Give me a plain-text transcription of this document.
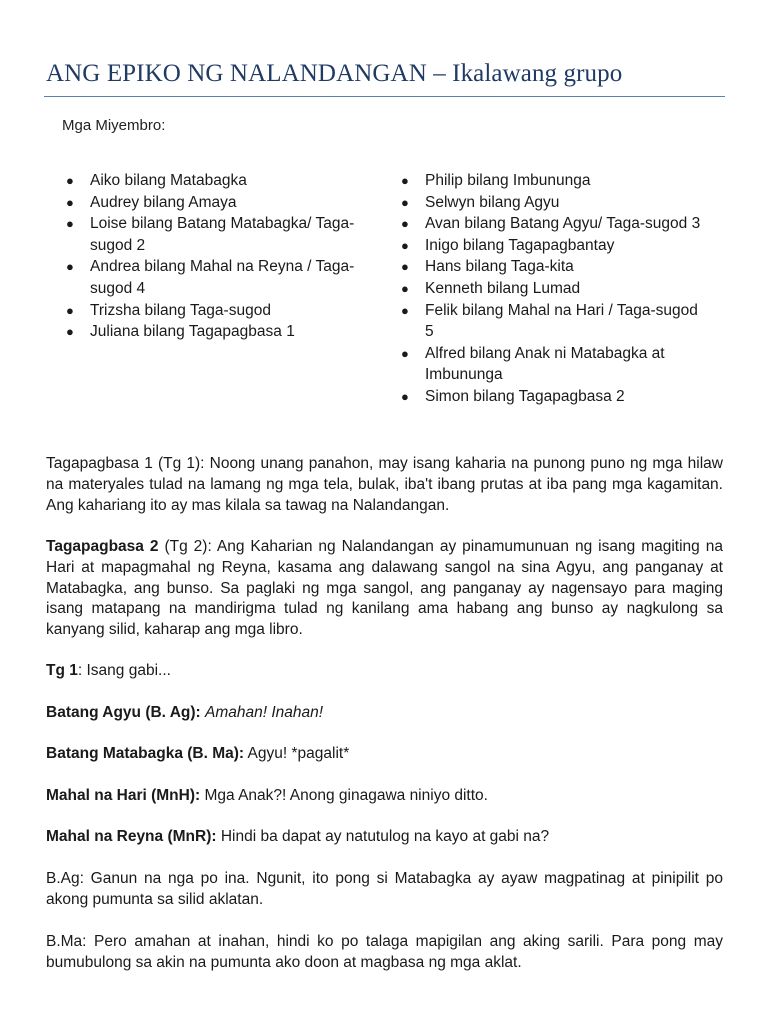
ANG EPIKO NG NALANDANGAN – Ikalawang grupo
Mga Miyembro:
● Aiko bilang Matabagka
● Audrey bilang Amaya
● Loise bilang Batang Matabagka/ Taga-sugod 2
● Andrea bilang Mahal na Reyna / Taga-sugod 4
● Trizsha bilang Taga-sugod
● Juliana bilang Tagapagbasa 1
● Philip bilang Imbununga
● Selwyn bilang Agyu
● Avan bilang Batang Agyu/ Taga-sugod 3
● Inigo bilang Tagapagbantay
● Hans bilang Taga-kita
● Kenneth bilang Lumad
● Felik bilang Mahal na Hari / Taga-sugod 5
● Alfred bilang Anak ni Matabagka at Imbununga
● Simon bilang Tagapagbasa 2

Tagapagbasa 1 (Tg 1): Noong unang panahon, may isang kaharia na punong puno ng mga hilaw na materyales tulad na lamang ng mga tela, bulak, iba't ibang prutas at iba pang mga kagamitan. Ang kahariang ito ay mas kilala sa tawag na Nalandangan.

Tagapagbasa 2 (Tg 2): Ang Kaharian ng Nalandangan ay pinamumunuan ng isang magiting na Hari at mapagmahal ng Reyna, kasama ang dalawang sangol na sina Agyu, ang panganay at Matabagka, ang bunso. Sa paglaki ng mga sangol, ang panganay ay nagensayo para maging isang matapang na mandirigma tulad ng kanilang ama habang ang bunso ay nagkulong sa kanyang silid, kaharap ang mga libro.

Tg 1: Isang gabi...

Batang Agyu (B. Ag): Amahan! Inahan!

Batang Matabagka (B. Ma): Agyu! *pagalit*

Mahal na Hari (MnH): Mga Anak?! Anong ginagawa niniyo ditto.

Mahal na Reyna (MnR): Hindi ba dapat ay natutulog na kayo at gabi na?

B.Ag: Ganun na nga po ina. Ngunit, ito pong si Matabagka ay ayaw magpatinag at pinipilit po akong pumunta sa silid aklatan.

B.Ma: Pero amahan at inahan, hindi ko po talaga mapigilan ang aking sarili. Para pong may bumubulong sa akin na pumunta ako doon at magbasa ng mga aklat.
